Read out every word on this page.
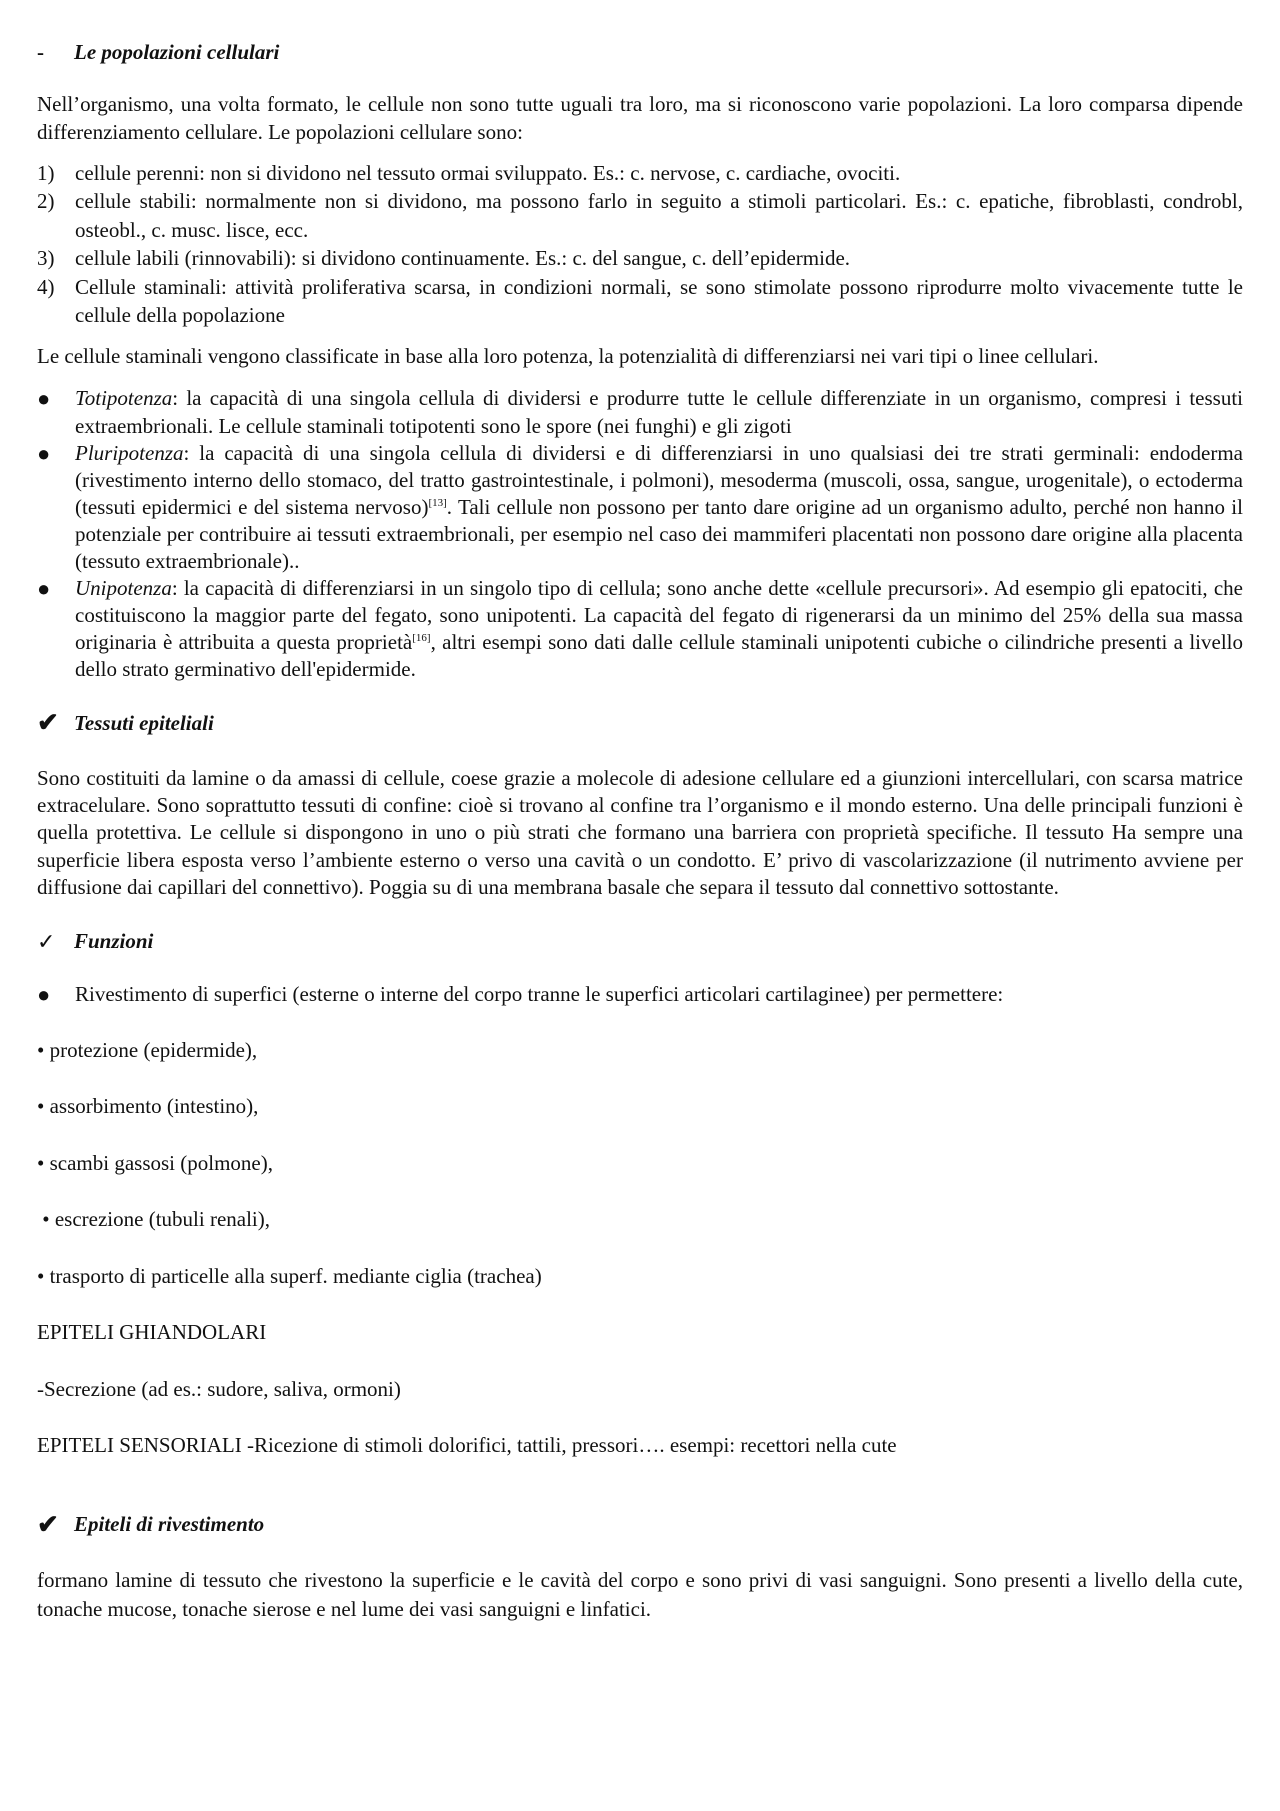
-	Le popolazioni cellulari

Nell’organismo, una volta formato, le cellule non sono tutte uguali tra loro, ma si riconoscono varie popolazioni. La loro comparsa dipende differenziamento cellulare. Le popolazioni cellulare sono:

1) cellule perenni: non si dividono nel tessuto ormai sviluppato. Es.: c. nervose, c. cardiache, ovociti.
2) cellule stabili: normalmente non si dividono, ma possono farlo in seguito a stimoli particolari. Es.: c. epatiche, fibroblasti, condrobl, osteobl., c. musc. lisce, ecc.
3) cellule labili (rinnovabili): si dividono continuamente. Es.: c. del sangue, c. dell’epidermide.
4) Cellule staminali: attività proliferativa scarsa, in condizioni normali, se sono stimolate possono riprodurre molto vivacemente tutte le cellule della popolazione

Le cellule staminali vengono classificate in base alla loro potenza, la potenzialità di differenziarsi nei vari tipi o linee cellulari.

●	Totipotenza: la capacità di una singola cellula di dividersi e produrre tutte le cellule differenziate in un organismo, compresi i tessuti extraembrionali. Le cellule staminali totipotenti sono le spore (nei funghi) e gli zigoti
●	Pluripotenza: la capacità di una singola cellula di dividersi e di differenziarsi in uno qualsiasi dei tre strati germinali: endoderma (rivestimento interno dello stomaco, del tratto gastrointestinale, i polmoni), mesoderma (muscoli, ossa, sangue, urogenitale), o ectoderma (tessuti epidermici e del sistema nervoso)[13]. Tali cellule non possono per tanto dare origine ad un organismo adulto, perché non hanno il potenziale per contribuire ai tessuti extraembrionali, per esempio nel caso dei mammiferi placentati non possono dare origine alla placenta (tessuto extraembrionale)..
●	Unipotenza: la capacità di differenziarsi in un singolo tipo di cellula; sono anche dette «cellule precursori». Ad esempio gli epatociti, che costituiscono la maggior parte del fegato, sono unipotenti. La capacità del fegato di rigenerarsi da un minimo del 25% della sua massa originaria è attribuita a questa proprietà[16], altri esempi sono dati dalle cellule staminali unipotenti cubiche o cilindriche presenti a livello dello strato germinativo dell'epidermide.
✔ Tessuti epiteliali

Sono costituiti da lamine o da amassi di cellule, coese grazie a molecole di adesione cellulare ed a giunzioni intercellulari, con scarsa matrice extracelulare. Sono soprattutto tessuti di confine: cioè si trovano al confine tra l’organismo e il mondo esterno. Una delle principali funzioni è quella protettiva. Le cellule si dispongono in uno o più strati che formano una barriera con proprietà specifiche. Il tessuto Ha sempre una superficie libera esposta verso l’ambiente esterno o verso una cavità o un condotto. E’ privo di vascolarizzazione (il nutrimento avviene per diffusione dai capillari del connettivo). Poggia su di una membrana basale che separa il tessuto dal connettivo sottostante.

✓ Funzioni
●	Rivestimento di superfici (esterne o interne del corpo tranne le superfici articolari cartilaginee) per permettere:

• protezione (epidermide),

• assorbimento (intestino),

• scambi gassosi (polmone),

• escrezione (tubuli renali),

• trasporto di particelle alla superf. mediante ciglia (trachea)

EPITELI GHIANDOLARI

-Secrezione (ad es.: sudore, saliva, ormoni)

EPITELI SENSORIALI -Ricezione di stimoli dolorifici, tattili, pressori…. esempi: recettori nella cute

✔ Epiteli di rivestimento

formano lamine di tessuto che rivestono la superficie e le cavità del corpo e sono privi di vasi sanguigni. Sono presenti a livello della cute, tonache mucose, tonache sierose e nel lume dei vasi sanguigni e linfatici.
